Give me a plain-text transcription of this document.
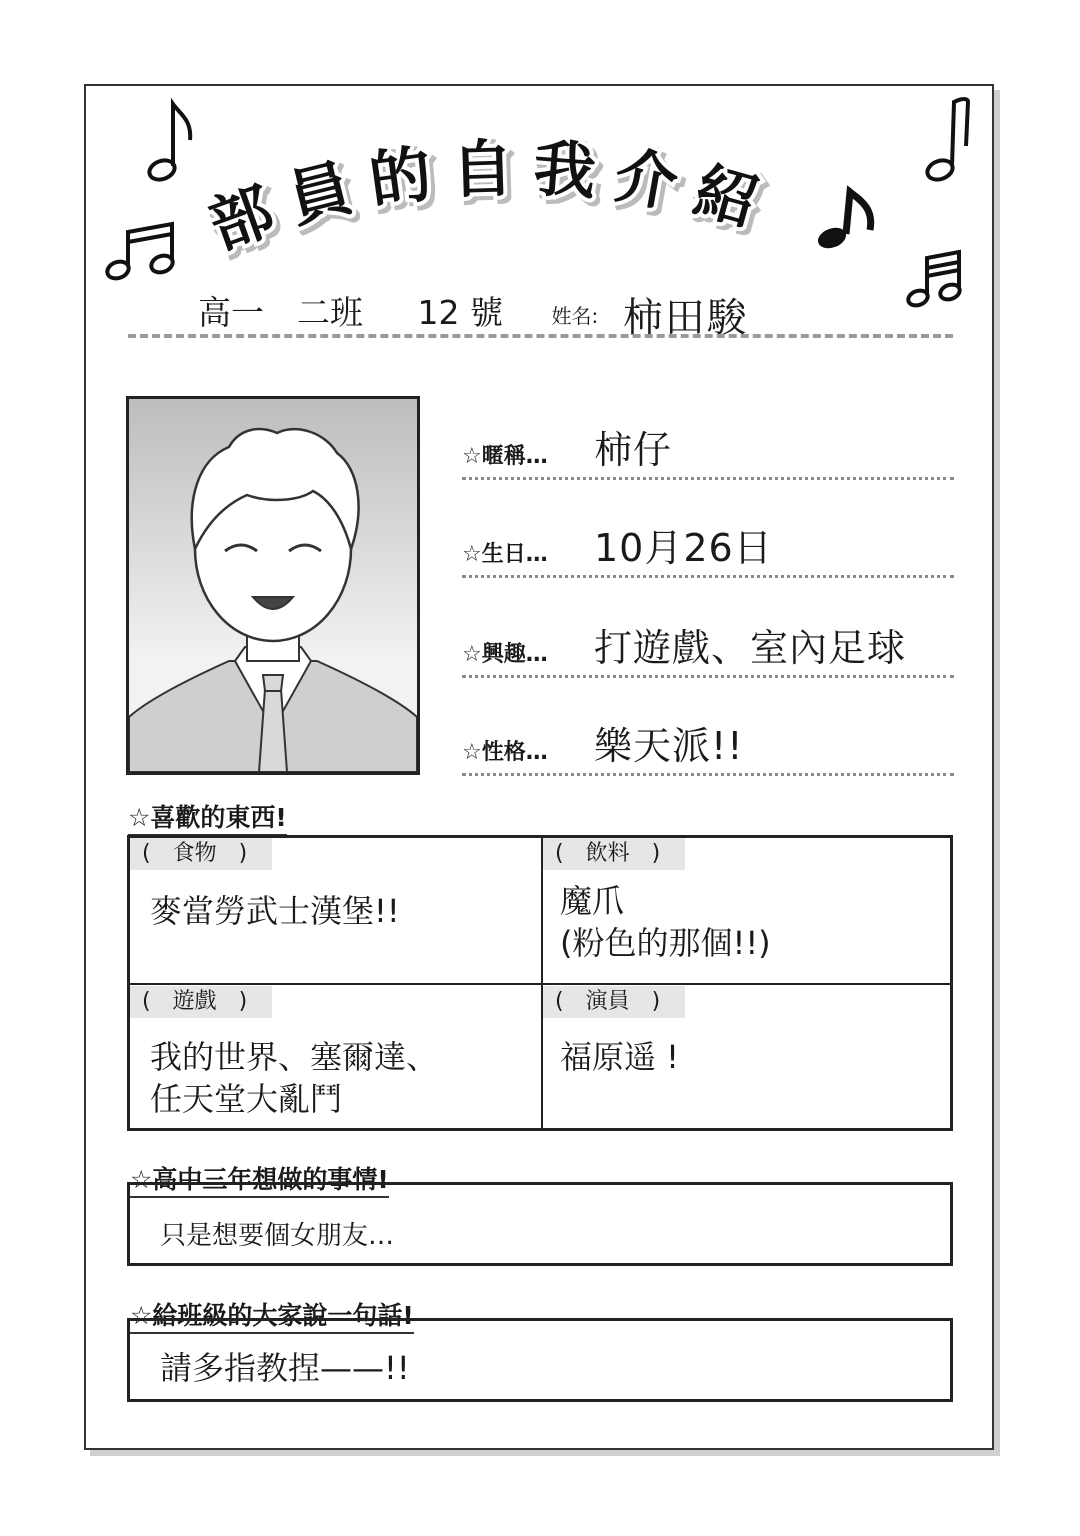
部員的自我介紹
高一　二班 12 號 姓名: 柿田駿
☆暱稱… 柿仔
☆生日… 10月26日
☆興趣… 打遊戲、室內足球
☆性格… 樂天派!!
☆喜歡的東西!
(　食物　)
麥當勞武士漢堡!!
(　飲料　)
魔爪
(粉色的那個!!)
(　遊戲　)
我的世界、塞爾達、
任天堂大亂鬥
(　演員　)
福原遥 !
☆高中三年想做的事情!
只是想要個女朋友…
☆給班級的大家說一句話!
請多指教捏——!!
